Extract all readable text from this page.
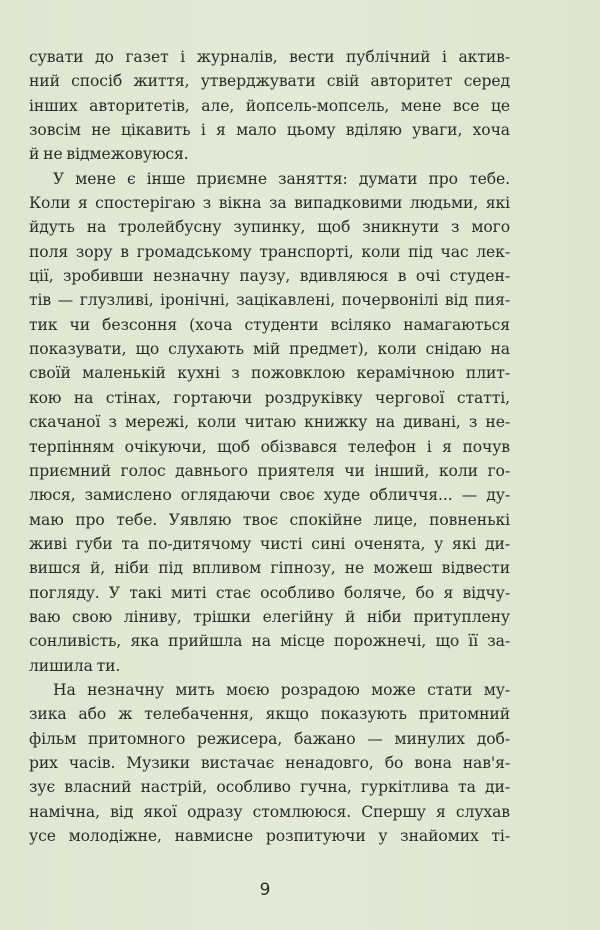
сувати до газет і журналів, вести публічний і актив-
ний спосіб життя, утверджувати свій авторитет серед
інших авторитетів, але, йопсель-мопсель, мене все це
зовсім не цікавить і я мало цьому вділяю уваги, хоча
й не відмежовуюся.
У мене є інше приємне заняття: думати про тебе.
Коли я спостерігаю з вікна за випадковими людьми, які
йдуть на тролейбусну зупинку, щоб зникнути з мого
поля зору в громадському транспорті, коли під час лек-
ції, зробивши незначну паузу, вдивляюся в очі студен-
тів — глузливі, іронічні, зацікавлені, почервонілі від пия-
тик чи безсоння (хоча студенти всіляко намагаються
показувати, що слухають мій предмет), коли снідаю на
своїй маленькій кухні з пожовклою керамічною плит-
кою на стінах, гортаючи роздруківку чергової статті,
скачаної з мережі, коли читаю книжку на дивані, з не-
терпінням очікуючи, щоб обізвався телефон і я почув
приємний голос давнього приятеля чи інший, коли го-
люся, замислено оглядаючи своє худе обличчя... — ду-
маю про тебе. Уявляю твоє спокійне лице, повненькі
живі губи та по-дитячому чисті сині оченята, у які ди-
вишся й, ніби під впливом гіпнозу, не можеш відвести
погляду. У такі миті стає особливо боляче, бо я відчу-
ваю свою ліниву, трішки елегійну й ніби притуплену
сонливість, яка прийшла на місце порожнечі, що її за-
лишила ти.
На незначну мить моєю розрадою може стати му-
зика або ж телебачення, якщо показують притомний
фільм притомного режисера, бажано — минулих доб-
рих часів. Музики вистачає ненадовго, бо вона нав'я-
зує власний настрій, особливо гучна, гуркітлива та ди-
намічна, від якої одразу стомлююся. Спершу я слухав
усе молодіжне, навмисне розпитуючи у знайомих ті-
9
